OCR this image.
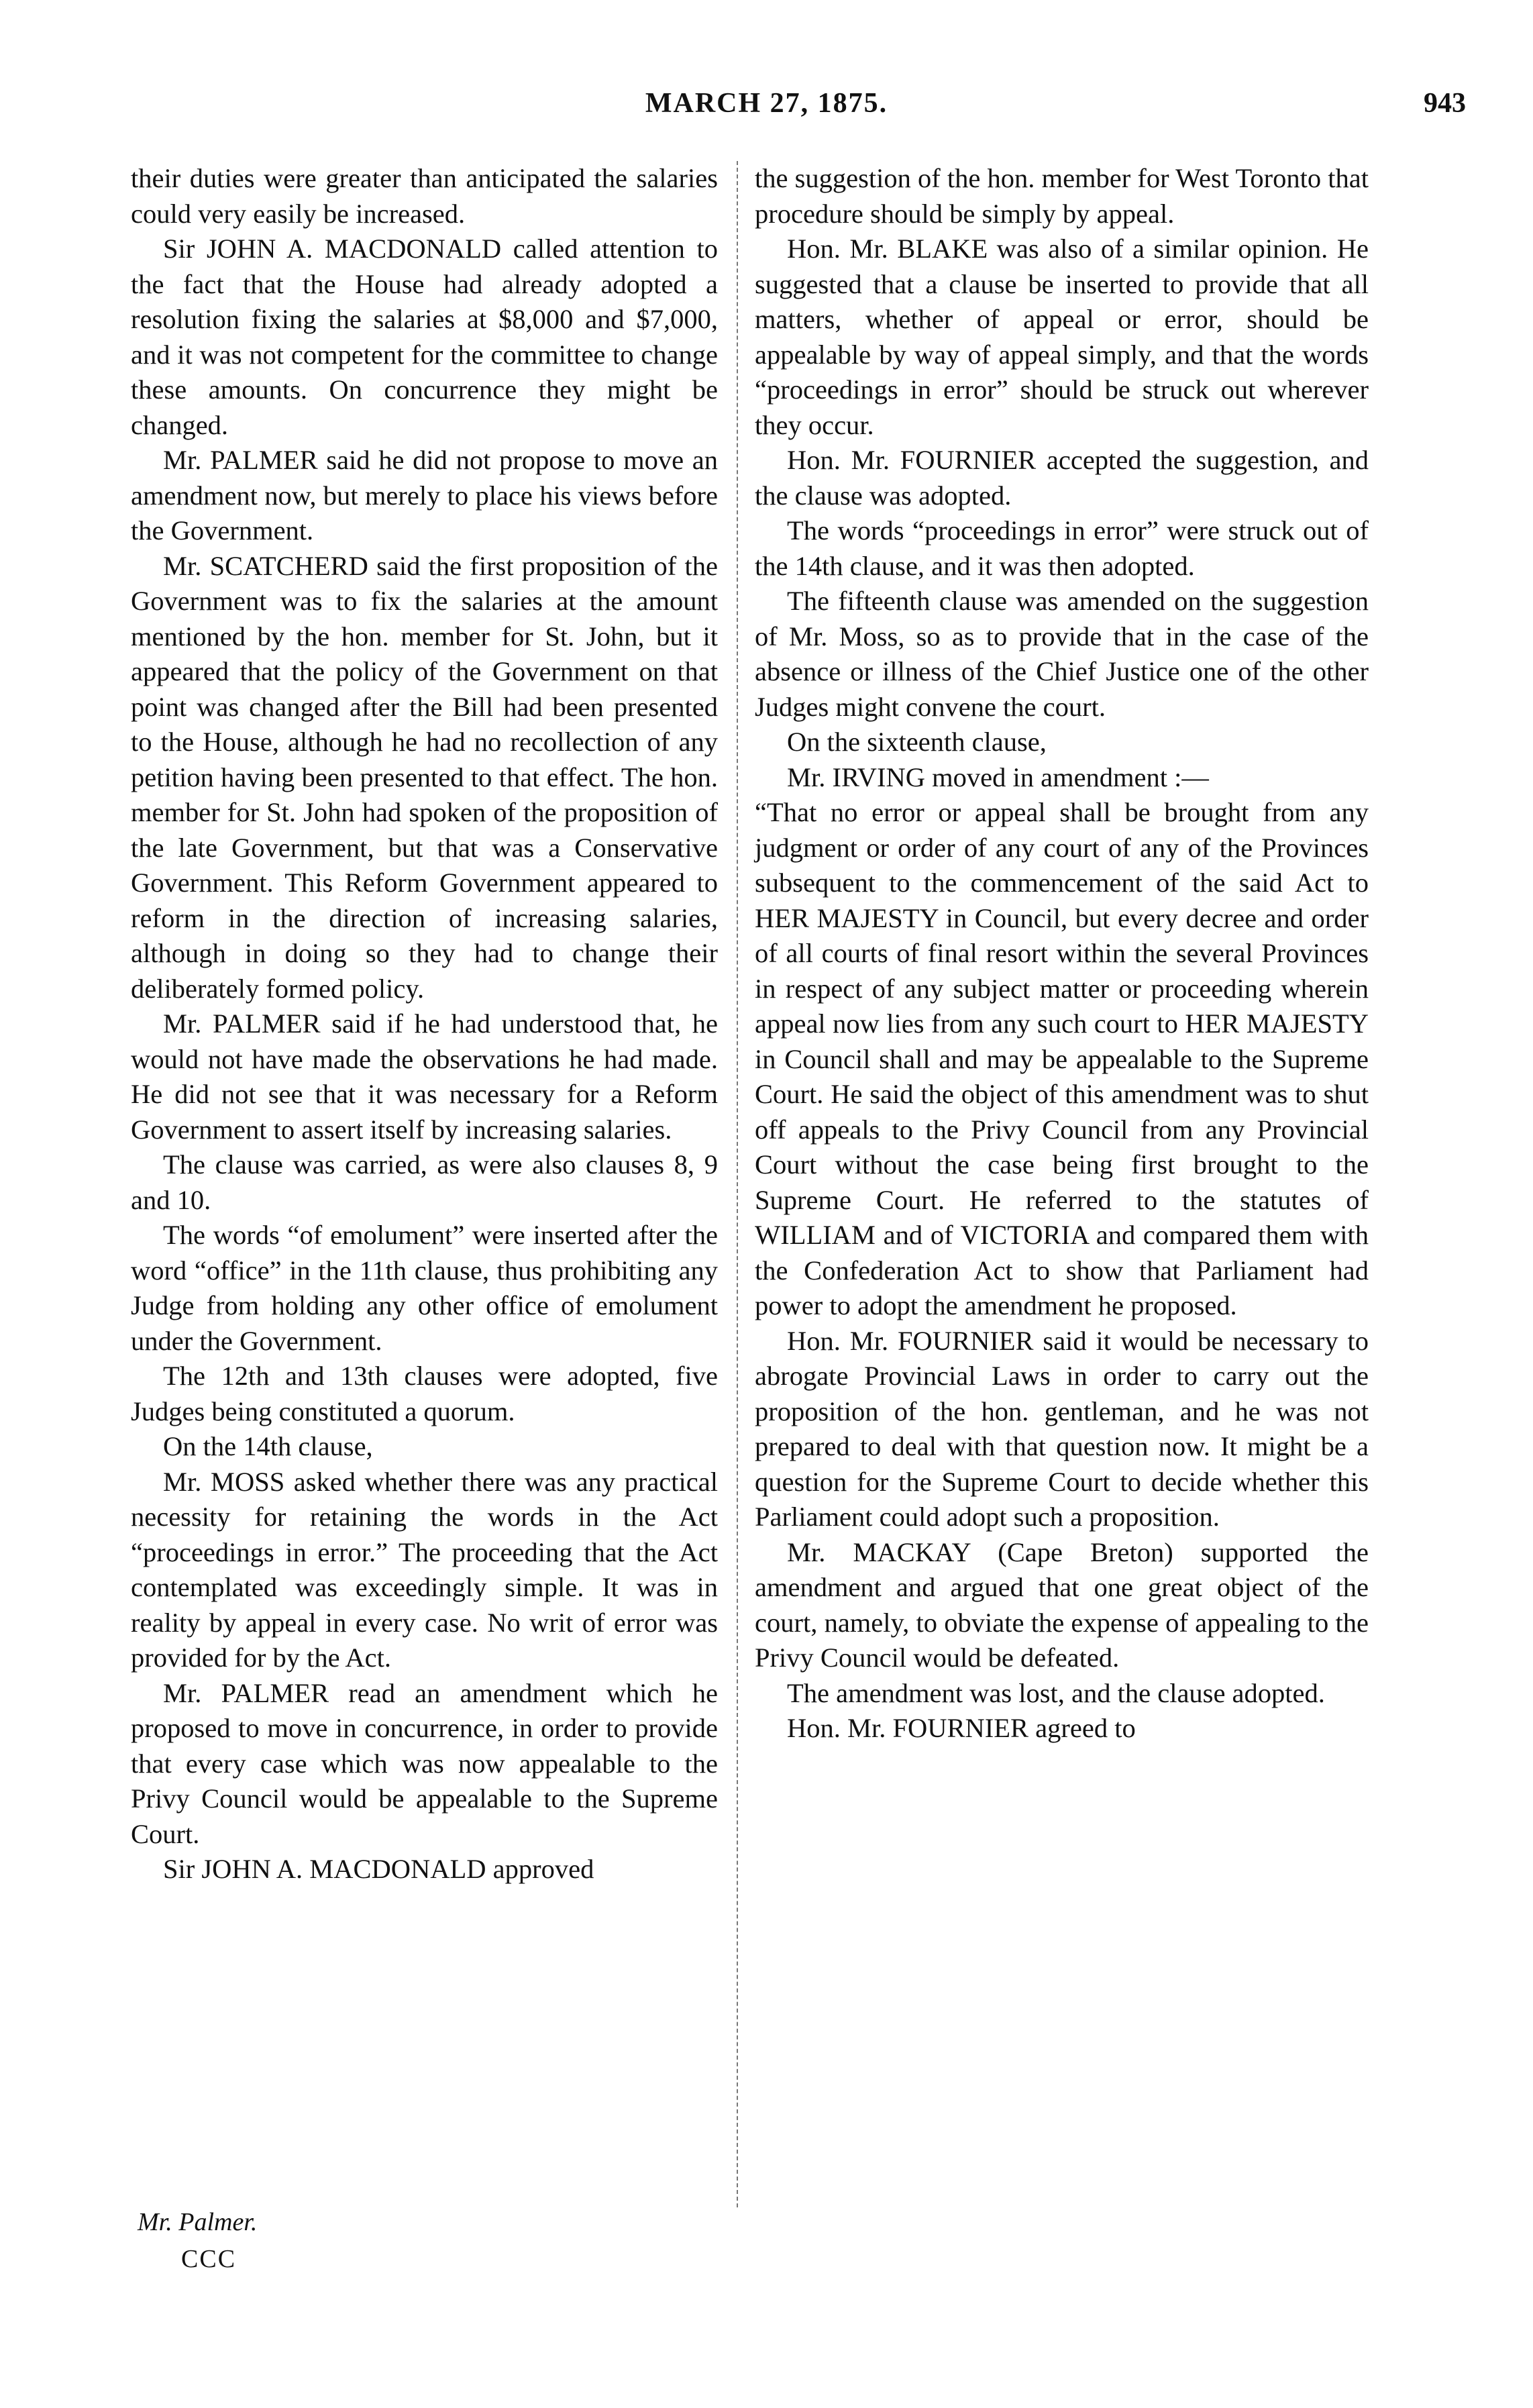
MARCH 27, 1875.	943

their duties were greater than anticipated the salaries could very easily be increased.

Sir JOHN A. MACDONALD called attention to the fact that the House had already adopted a resolution fixing the salaries at $8,000 and $7,000, and it was not competent for the committee to change these amounts. On concurrence they might be changed.

Mr. PALMER said he did not propose to move an amendment now, but merely to place his views before the Government.

Mr. SCATCHERD said the first proposition of the Government was to fix the salaries at the amount mentioned by the hon. member for St. John, but it appeared that the policy of the Government on that point was changed after the Bill had been presented to the House, although he had no recollection of any petition having been presented to that effect. The hon. member for St. John had spoken of the proposition of the late Government, but that was a Conservative Government. This Reform Government appeared to reform in the direction of increasing salaries, although in doing so they had to change their deliberately formed policy.

Mr. PALMER said if he had understood that, he would not have made the observations he had made. He did not see that it was necessary for a Reform Government to assert itself by increasing salaries.

The clause was carried, as were also clauses 8, 9 and 10.

The words “of emolument” were inserted after the word “office” in the 11th clause, thus prohibiting any Judge from holding any other office of emolument under the Government.

The 12th and 13th clauses were adopted, five Judges being constituted a quorum.

On the 14th clause,

Mr. MOSS asked whether there was any practical necessity for retaining the words in the Act “proceedings in error.” The proceeding that the Act contemplated was exceedingly simple. It was in reality by appeal in every case. No writ of error was provided for by the Act.

Mr. PALMER read an amendment which he proposed to move in concurrence, in order to provide that every case which was now appealable to the Privy Council would be appealable to the Supreme Court.

Sir JOHN A. MACDONALD approved

the suggestion of the hon. member for West Toronto that procedure should be simply by appeal.

Hon. Mr. BLAKE was also of a similar opinion. He suggested that a clause be inserted to provide that all matters, whether of appeal or error, should be appealable by way of appeal simply, and that the words “proceedings in error” should be struck out wherever they occur.

Hon. Mr. FOURNIER accepted the suggestion, and the clause was adopted.

The words “proceedings in error” were struck out of the 14th clause, and it was then adopted.

The fifteenth clause was amended on the suggestion of Mr. Moss, so as to provide that in the case of the absence or illness of the Chief Justice one of the other Judges might convene the court.

On the sixteenth clause,

Mr. IRVING moved in amendment :—

“That no error or appeal shall be brought from any judgment or order of any court of any of the Provinces subsequent to the commencement of the said Act to HER MAJESTY in Council, but every decree and order of all courts of final resort within the several Provinces in respect of any subject matter or proceeding wherein appeal now lies from any such court to HER MAJESTY in Council shall and may be appealable to the Supreme Court. He said the object of this amendment was to shut off appeals to the Privy Council from any Provincial Court without the case being first brought to the Supreme Court. He referred to the statutes of WILLIAM and of VICTORIA and compared them with the Confederation Act to show that Parliament had power to adopt the amendment he proposed.

Hon. Mr. FOURNIER said it would be necessary to abrogate Provincial Laws in order to carry out the proposition of the hon. gentleman, and he was not prepared to deal with that question now. It might be a question for the Supreme Court to decide whether this Parliament could adopt such a proposition.

Mr. MACKAY (Cape Breton) supported the amendment and argued that one great object of the court, namely, to obviate the expense of appealing to the Privy Council would be defeated.

The amendment was lost, and the clause adopted.

Hon. Mr. FOURNIER agreed to

Mr. Palmer.
CCC
